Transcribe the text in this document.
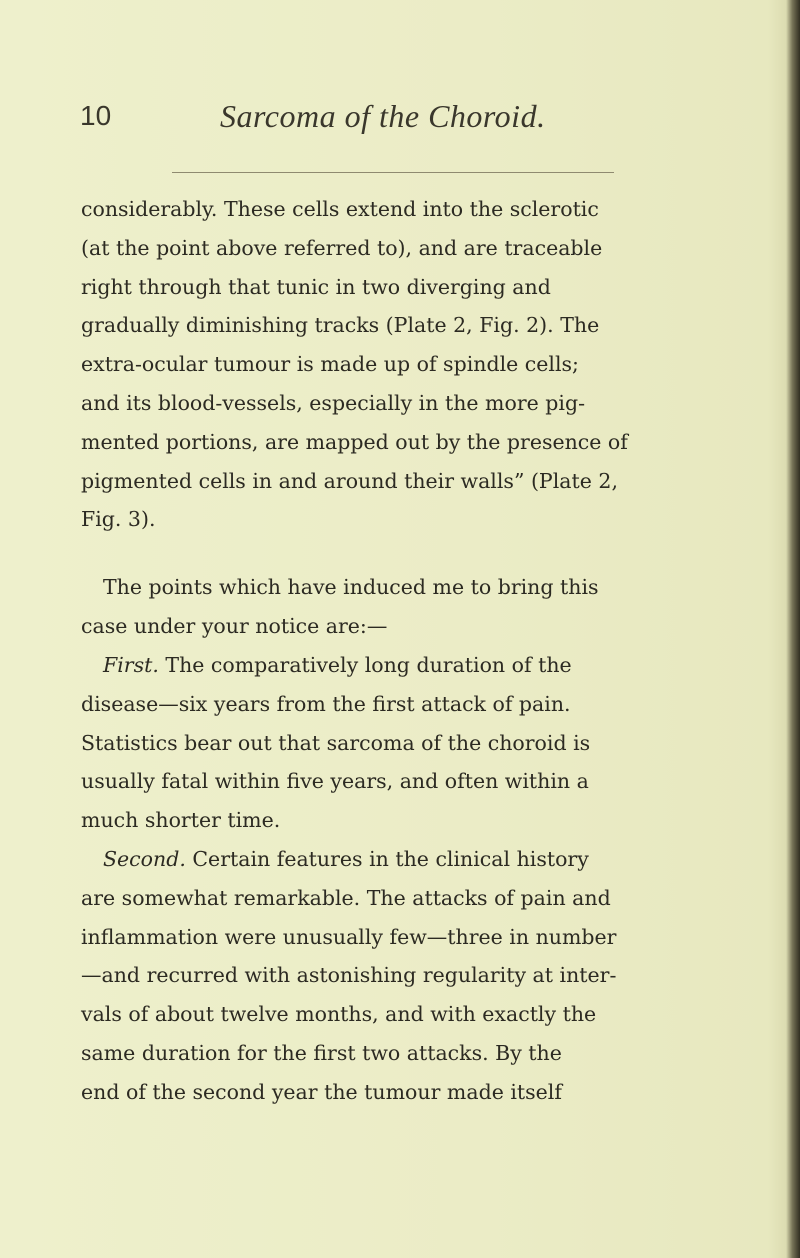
10	Sarcoma of the Choroid.
considerably. These cells extend into the sclerotic
(at the point above referred to), and are traceable
right through that tunic in two diverging and
gradually diminishing tracks (Plate 2, Fig. 2). The
extra-ocular tumour is made up of spindle cells;
and its blood-vessels, especially in the more pig-
mented portions, are mapped out by the presence of
pigmented cells in and around their walls” (Plate 2,
Fig. 3).
The points which have induced me to bring this
case under your notice are:—
First. The comparatively long duration of the
disease—six years from the first attack of pain.
Statistics bear out that sarcoma of the choroid is
usually fatal within five years, and often within a
much shorter time.
Second. Certain features in the clinical history
are somewhat remarkable. The attacks of pain and
inflammation were unusually few—three in number
—and recurred with astonishing regularity at inter-
vals of about twelve months, and with exactly the
same duration for the first two attacks. By the
end of the second year the tumour made itself
